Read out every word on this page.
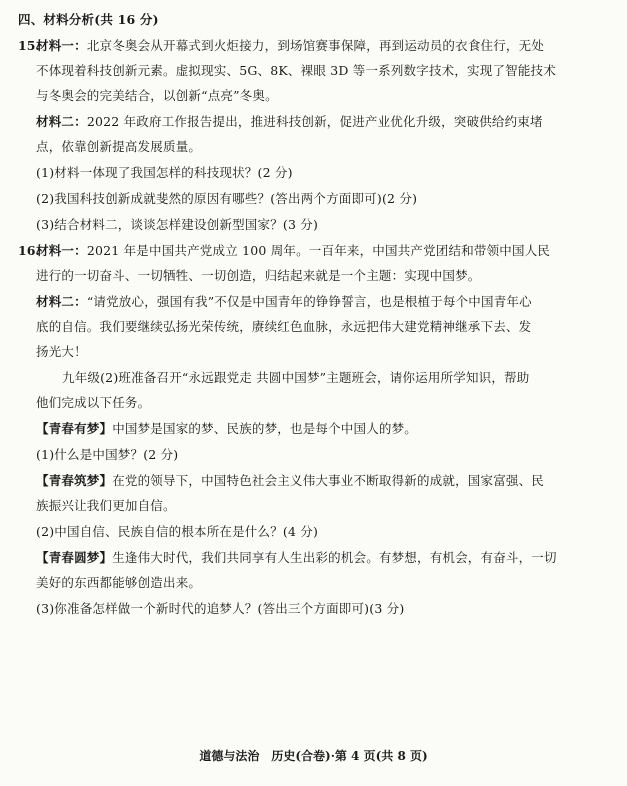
四、材料分析(共 16 分)
15.
材料一：北京冬奥会从开幕式到火炬接力，到场馆赛事保障，再到运动员的衣食住行，无处
不体现着科技创新元素。虚拟现实、5G、8K、裸眼 3D 等一系列数字技术，实现了智能技术
与冬奥会的完美结合，以创新“点亮”冬奥。
材料二：2022 年政府工作报告提出，推进科技创新，促进产业优化升级，突破供给约束堵
点，依靠创新提高发展质量。
(1)材料一体现了我国怎样的科技现状？(2 分)
(2)我国科技创新成就斐然的原因有哪些？(答出两个方面即可)(2 分)
(3)结合材料二，谈谈怎样建设创新型国家？(3 分)
16.
材料一：2021 年是中国共产党成立 100 周年。一百年来，中国共产党团结和带领中国人民
进行的一切奋斗、一切牺牲、一切创造，归结起来就是一个主题：实现中国梦。
材料二：“请党放心，强国有我”不仅是中国青年的铮铮誓言，也是根植于每个中国青年心
底的自信。我们要继续弘扬光荣传统，赓续红色血脉，永远把伟大建党精神继承下去、发
扬光大！
九年级(2)班准备召开“永远跟党走 共圆中国梦”主题班会，请你运用所学知识，帮助
他们完成以下任务。
【青春有梦】中国梦是国家的梦、民族的梦，也是每个中国人的梦。
(1)什么是中国梦？(2 分)
【青春筑梦】在党的领导下，中国特色社会主义伟大事业不断取得新的成就，国家富强、民
族振兴让我们更加自信。
(2)中国自信、民族自信的根本所在是什么？(4 分)
【青春圆梦】生逢伟大时代，我们共同享有人生出彩的机会。有梦想，有机会，有奋斗，一切
美好的东西都能够创造出来。
(3)你准备怎样做一个新时代的追梦人？(答出三个方面即可)(3 分)
道德与法治　历史(合卷)·第 4 页(共 8 页)
